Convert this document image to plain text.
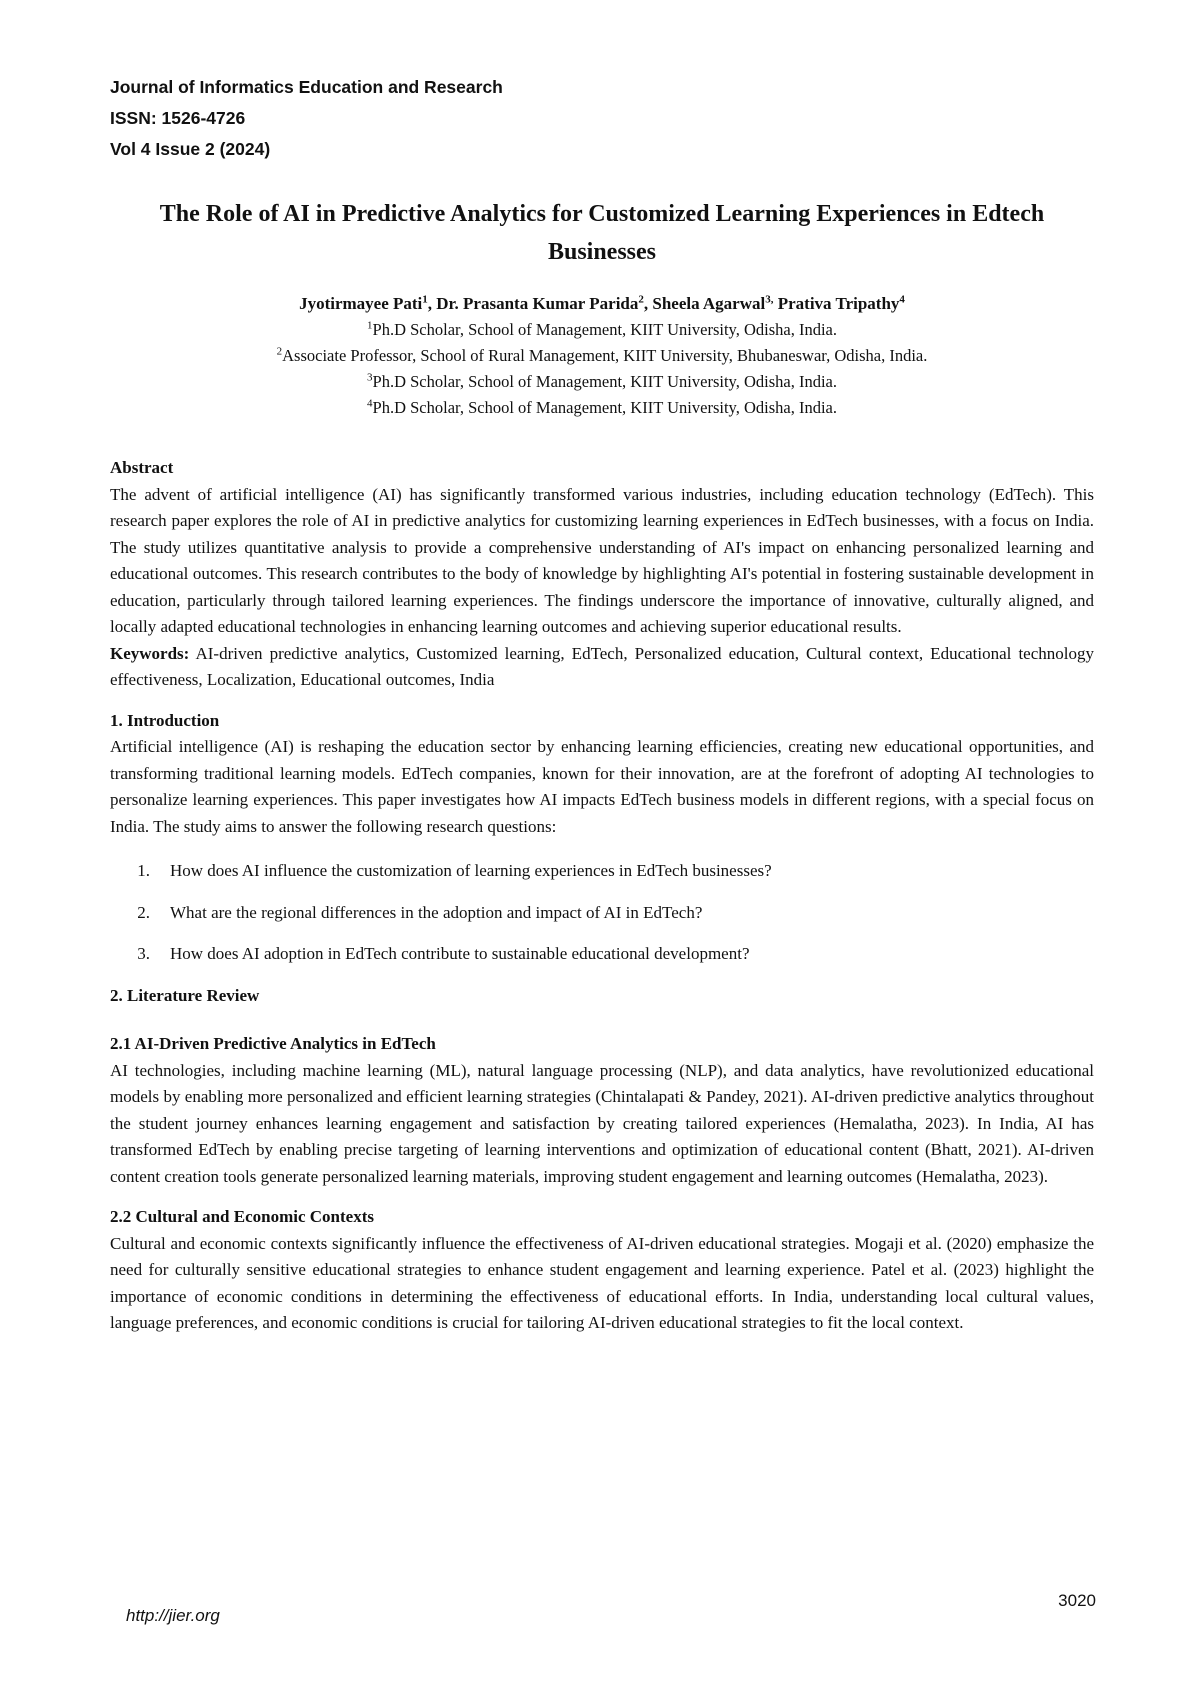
Journal of Informatics Education and Research
ISSN: 1526-4726
Vol 4 Issue 2 (2024)
The Role of AI in Predictive Analytics for Customized Learning Experiences in Edtech Businesses
Jyotirmayee Pati$^1$, Dr. Prasanta Kumar Parida$^2$, Sheela Agarwal$^{3,}$ Prativa Tripathy$^4$
$^1$Ph.D Scholar, School of Management, KIIT University, Odisha, India.
$^2$Associate Professor, School of Rural Management, KIIT University, Bhubaneswar, Odisha, India.
$^3$Ph.D Scholar, School of Management, KIIT University, Odisha, India.
$^4$Ph.D Scholar, School of Management, KIIT University, Odisha, India.
Abstract

The advent of artificial intelligence (AI) has significantly transformed various industries, including education technology (EdTech). This research paper explores the role of AI in predictive analytics for customizing learning experiences in EdTech businesses, with a focus on India. The study utilizes quantitative analysis to provide a comprehensive understanding of AI's impact on enhancing personalized learning and educational outcomes. This research contributes to the body of knowledge by highlighting AI's potential in fostering sustainable development in education, particularly through tailored learning experiences. The findings underscore the importance of innovative, culturally aligned, and locally adapted educational technologies in enhancing learning outcomes and achieving superior educational results.

Keywords: AI-driven predictive analytics, Customized learning, EdTech, Personalized education, Cultural context, Educational technology effectiveness, Localization, Educational outcomes, India

1. Introduction

Artificial intelligence (AI) is reshaping the education sector by enhancing learning efficiencies, creating new educational opportunities, and transforming traditional learning models. EdTech companies, known for their innovation, are at the forefront of adopting AI technologies to personalize learning experiences. This paper investigates how AI impacts EdTech business models in different regions, with a special focus on India. The study aims to answer the following research questions:

1.	How does AI influence the customization of learning experiences in EdTech businesses?
2.	What are the regional differences in the adoption and impact of AI in EdTech?
3.	How does AI adoption in EdTech contribute to sustainable educational development?
2. Literature Review
2.1 AI-Driven Predictive Analytics in EdTech

AI technologies, including machine learning (ML), natural language processing (NLP), and data analytics, have revolutionized educational models by enabling more personalized and efficient learning strategies (Chintalapati & Pandey, 2021). AI-driven predictive analytics throughout the student journey enhances learning engagement and satisfaction by creating tailored experiences (Hemalatha, 2023). In India, AI has transformed EdTech by enabling precise targeting of learning interventions and optimization of educational content (Bhatt, 2021). AI-driven content creation tools generate personalized learning materials, improving student engagement and learning outcomes (Hemalatha, 2023).

2.2 Cultural and Economic Contexts

Cultural and economic contexts significantly influence the effectiveness of AI-driven educational strategies. Mogaji et al. (2020) emphasize the need for culturally sensitive educational strategies to enhance student engagement and learning experience. Patel et al. (2023) highlight the importance of economic conditions in determining the effectiveness of educational efforts. In India, understanding local cultural values, language preferences, and economic conditions is crucial for tailoring AI-driven educational strategies to fit the local context.

http://jier.org
3020
